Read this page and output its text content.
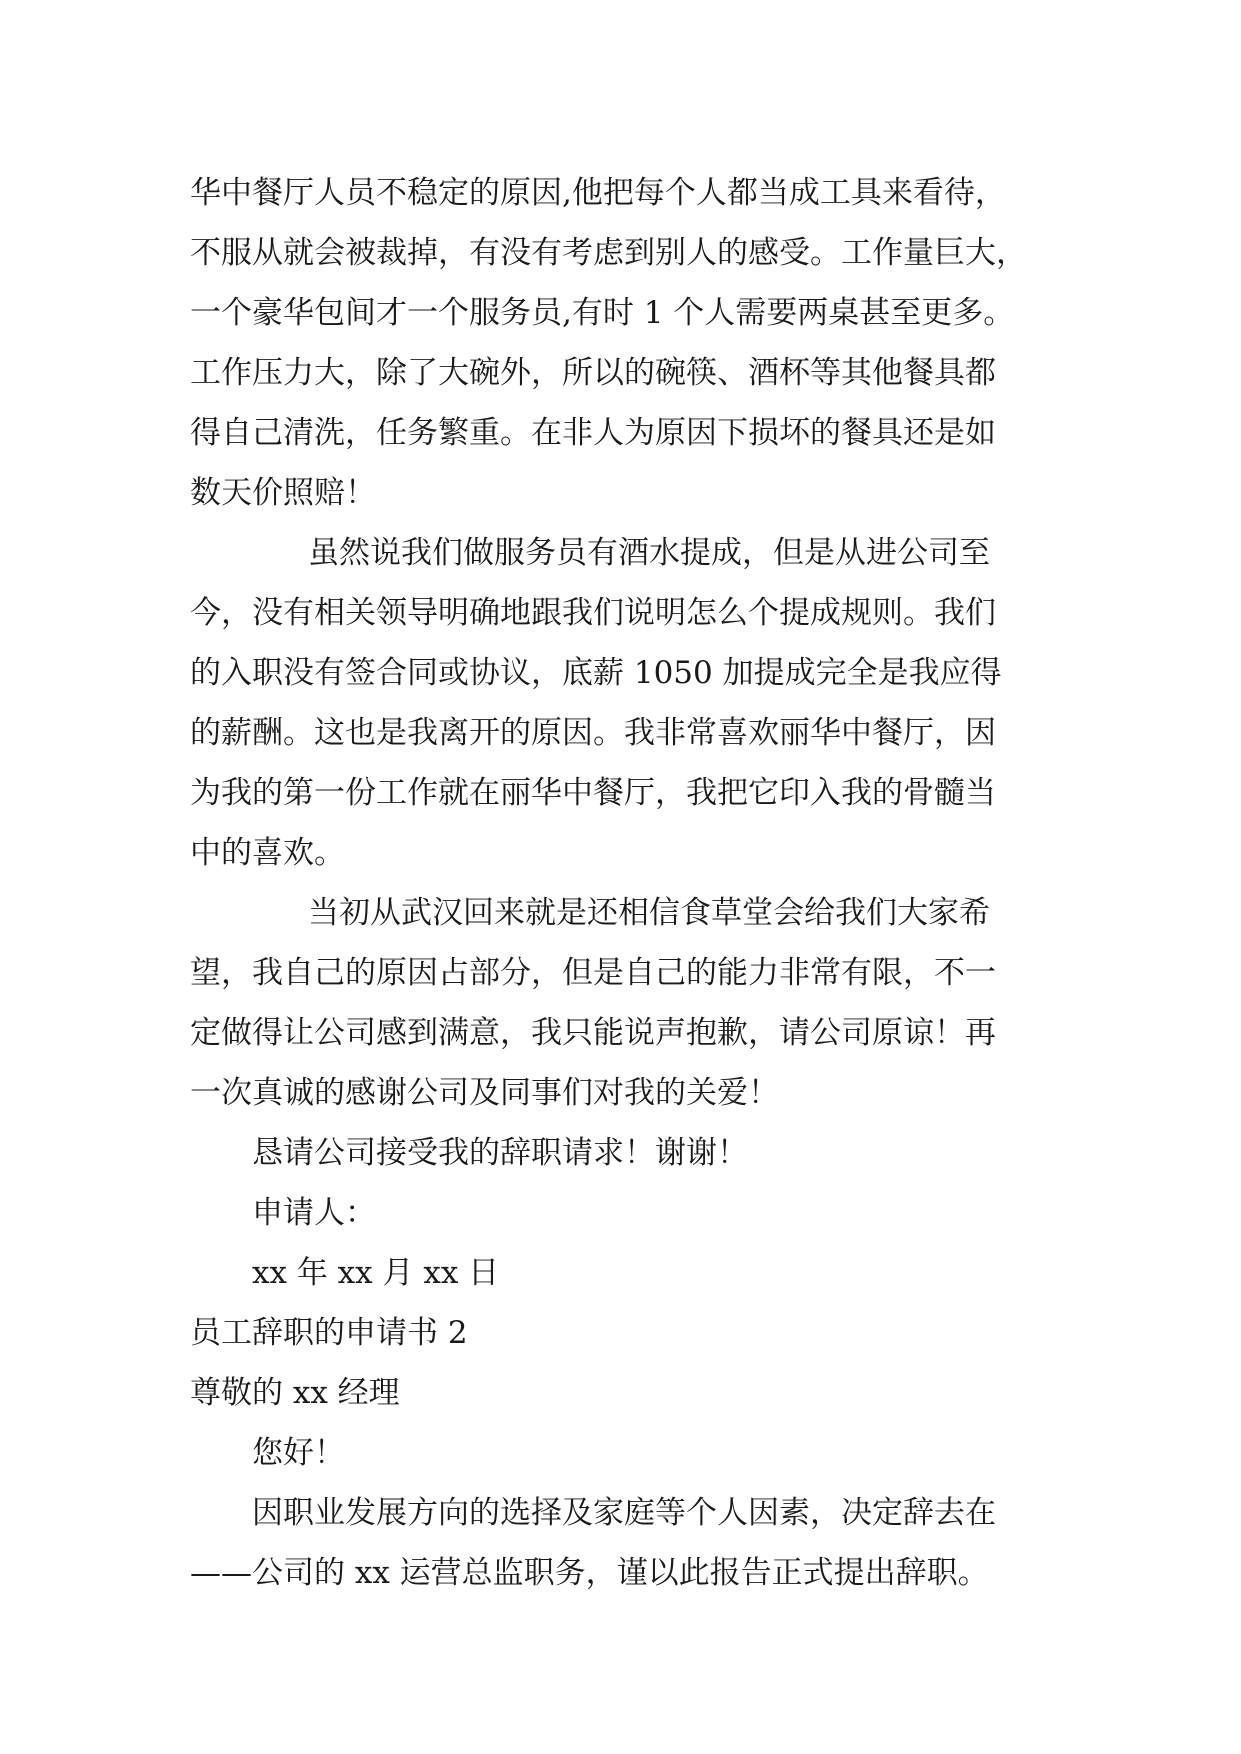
华中餐厅人员不稳定的原因,他把每个人都当成工具来看待，
不服从就会被裁掉，有没有考虑到别人的感受。工作量巨大，
一个豪华包间才一个服务员,有时 1 个人需要两桌甚至更多。
工作压力大，除了大碗外，所以的碗筷、酒杯等其他餐具都
得自己清洗，任务繁重。在非人为原因下损坏的餐具还是如
数天价照赔！
虽然说我们做服务员有酒水提成，但是从进公司至
今，没有相关领导明确地跟我们说明怎么个提成规则。我们
的入职没有签合同或协议，底薪 1050 加提成完全是我应得
的薪酬。这也是我离开的原因。我非常喜欢丽华中餐厅，因
为我的第一份工作就在丽华中餐厅，我把它印入我的骨髓当
中的喜欢。
当初从武汉回来就是还相信食草堂会给我们大家希
望，我自己的原因占部分，但是自己的能力非常有限，不一
定做得让公司感到满意，我只能说声抱歉，请公司原谅！再
一次真诚的感谢公司及同事们对我的关爱！
恳请公司接受我的辞职请求！谢谢！
申请人：
xx 年 xx 月 xx 日
员工辞职的申请书 2
尊敬的 xx 经理
您好！
因职业发展方向的选择及家庭等个人因素，决定辞去在
——公司的 xx 运营总监职务，谨以此报告正式提出辞职。
